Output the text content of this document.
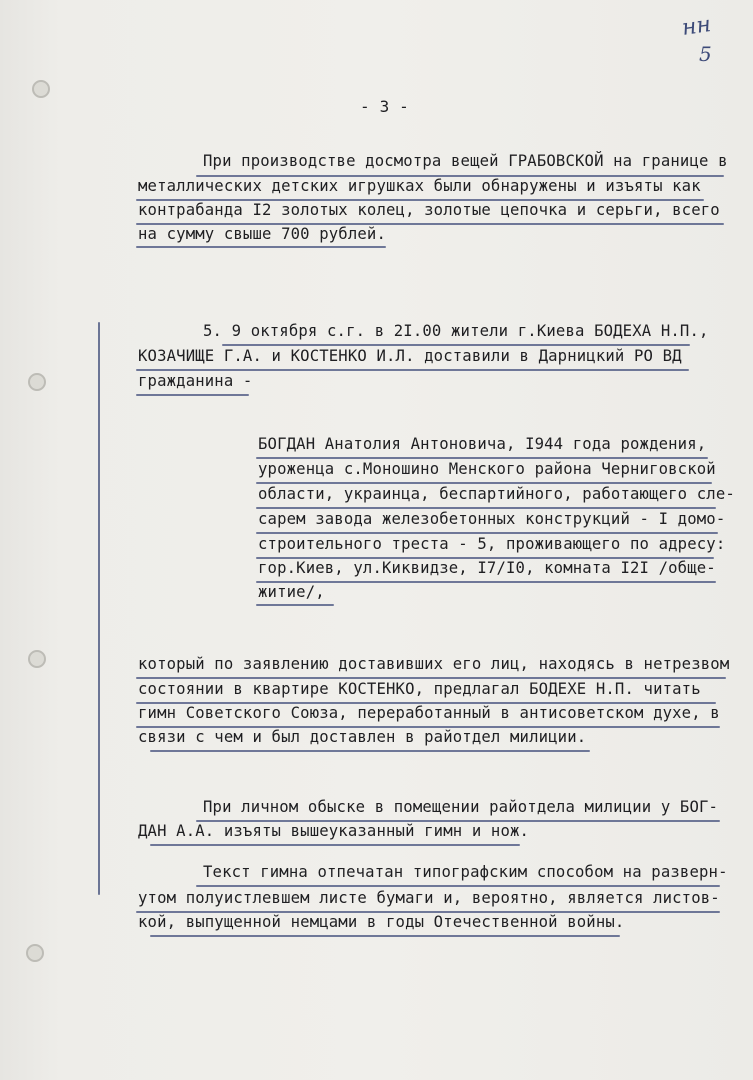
нн
5
- 3 -
При производстве досмотра вещей ГРАБОВСКОЙ на границе в
металлических детских игрушках были обнаружены и изъяты как
контрабанда I2 золотых колец, золотые цепочка и серьги, всего
на сумму свыше 700 рублей.
5. 9 октября с.г. в 2I.00 жители г.Киева БОДЕХА Н.П.,
КОЗАЧИЩЕ Г.А. и КОСТЕНКО И.Л. доставили в Дарницкий РО ВД
гражданина -
БОГДАН Анатолия Антоновича, I944 года рождения,
уроженца с.Моношино Менского района Черниговской
области, украинца, беспартийного, работающего сле-
сарем завода железобетонных конструкций - I домо-
строительного треста - 5, проживающего по адресу:
гор.Киев, ул.Киквидзе, I7/I0, комната I2I /обще-
житие/,
который по заявлению доставивших его лиц, находясь в нетрезвом
состоянии в квартире КОСТЕНКО, предлагал БОДЕХЕ Н.П. читать
гимн Советского Союза, переработанный в антисоветском духе, в
связи с чем и был доставлен в райотдел милиции.
При личном обыске в помещении райотдела милиции у БОГ-
ДАН А.А. изъяты вышеуказанный гимн и нож.
Текст гимна отпечатан типографским способом на разверн-
утом полуистлевшем листе бумаги и, вероятно, является листов-
кой, выпущенной немцами в годы Отечественной войны.
